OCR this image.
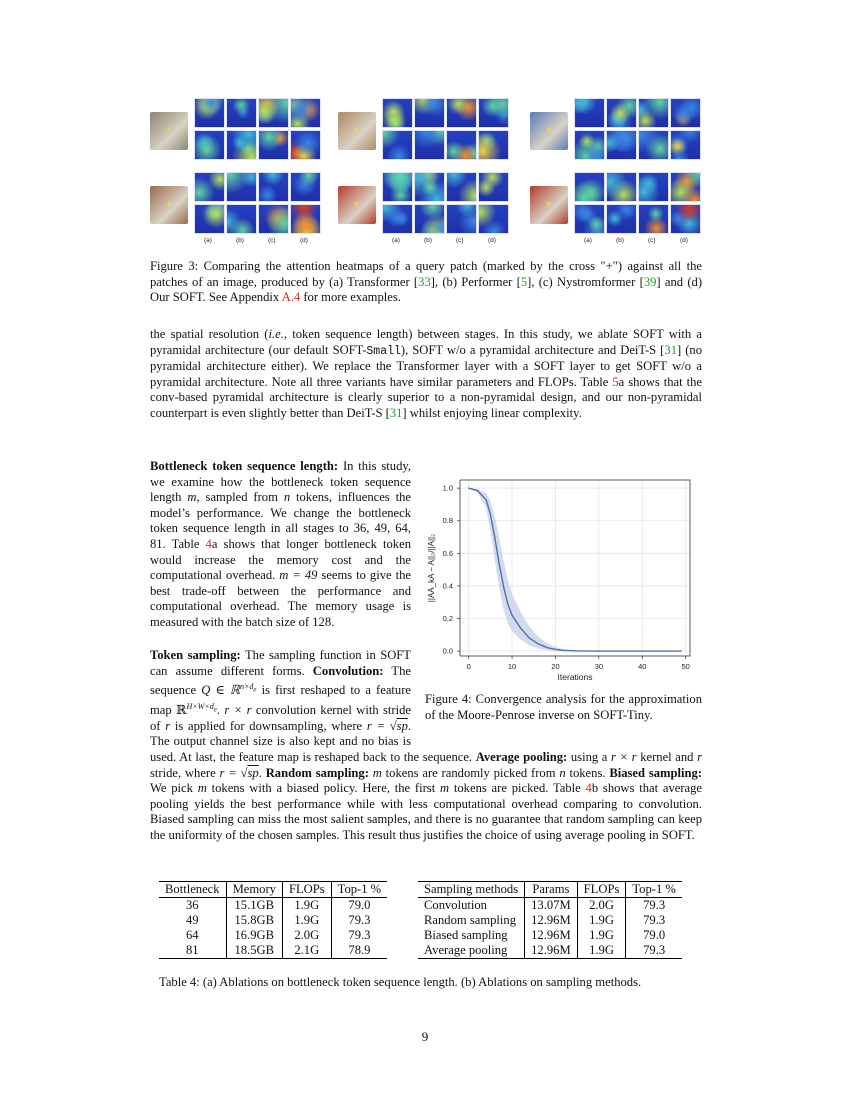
+
+
(a)	(b)	(c)	(d)
+
+
(a)	(b)	(c)	(d)
+
+
(a)	(b)	(c)	(d)

Figure 3: Comparing the attention heatmaps of a query patch (marked by the cross "+") against all the patches of an image, produced by (a) Transformer [33], (b) Performer [5], (c) Nystromformer [39] and (d) Our SOFT. See Appendix A.4 for more examples.

the spatial resolution (i.e., token sequence length) between stages. In this study, we ablate SOFT with a pyramidal architecture (our default SOFT-Small), SOFT w/o a pyramidal architecture and DeiT-S [31] (no pyramidal architecture either). We replace the Transformer layer with a SOFT layer to get SOFT w/o a pyramidal architecture. Note all three variants have similar parameters and FLOPs. Table 5a shows that the conv-based pyramidal architecture is clearly superior to a non-pyramidal design, and our non-pyramidal counterpart is even slightly better than DeiT-S [31] whilst enjoying linear complexity.

Bottleneck token sequence length: In this study, we examine how the bottleneck token sequence length m, sampled from n tokens, influences the model’s performance. We change the bottleneck token sequence length in all stages to 36, 49, 64, 81. Table 4a shows that longer bottleneck token would increase the memory cost and the computational overhead. m = 49 seems to give the best trade-off between the performance and computational overhead. The memory usage is measured with the batch size of 128.

0	10	20	30	40	50
0.0
0.2
0.4
0.6
0.8
1.0
Iterations
||AA_kA − A||₂/||A||₂

Figure 4: Convergence analysis for the approximation of the Moore-Penrose inverse on SOFT-Tiny.

Token sampling: The sampling function in SOFT can assume different forms. Convolution: The sequence Q ∈ ℝ$^{n\times d_e}$ is first reshaped to a feature map ℝ$^{H\times W\times d_e}$. r × r convolution kernel with stride of r is applied for downsampling, where r = √sp. The output channel size is also kept and no bias is used. At last, the feature map is reshaped back to the sequence. Average pooling: using a r × r kernel and r stride, where r = √sp. Random sampling: m tokens are randomly picked from n tokens. Biased sampling: We pick m tokens with a biased policy. Here, the first m tokens are picked. Table 4b shows that average pooling yields the best performance while with less computational overhead comparing to convolution. Biased sampling can miss the most salient samples, and there is no guarantee that random sampling can keep the uniformity of the chosen samples. This result thus justifies the choice of using average pooling in SOFT.

Bottleneck	Memory	FLOPs	Top-1 %
36	15.1GB	1.9G	79.0
49	15.8GB	1.9G	79.3
64	16.9GB	2.0G	79.3
81	18.5GB	2.1G	78.9
Sampling methods	Params	FLOPs	Top-1 %
Convolution	13.07M	2.0G	79.3
Random sampling	12.96M	1.9G	79.3
Biased sampling	12.96M	1.9G	79.0
Average pooling	12.96M	1.9G	79.3

Table 4: (a) Ablations on bottleneck token sequence length. (b) Ablations on sampling methods.

9
